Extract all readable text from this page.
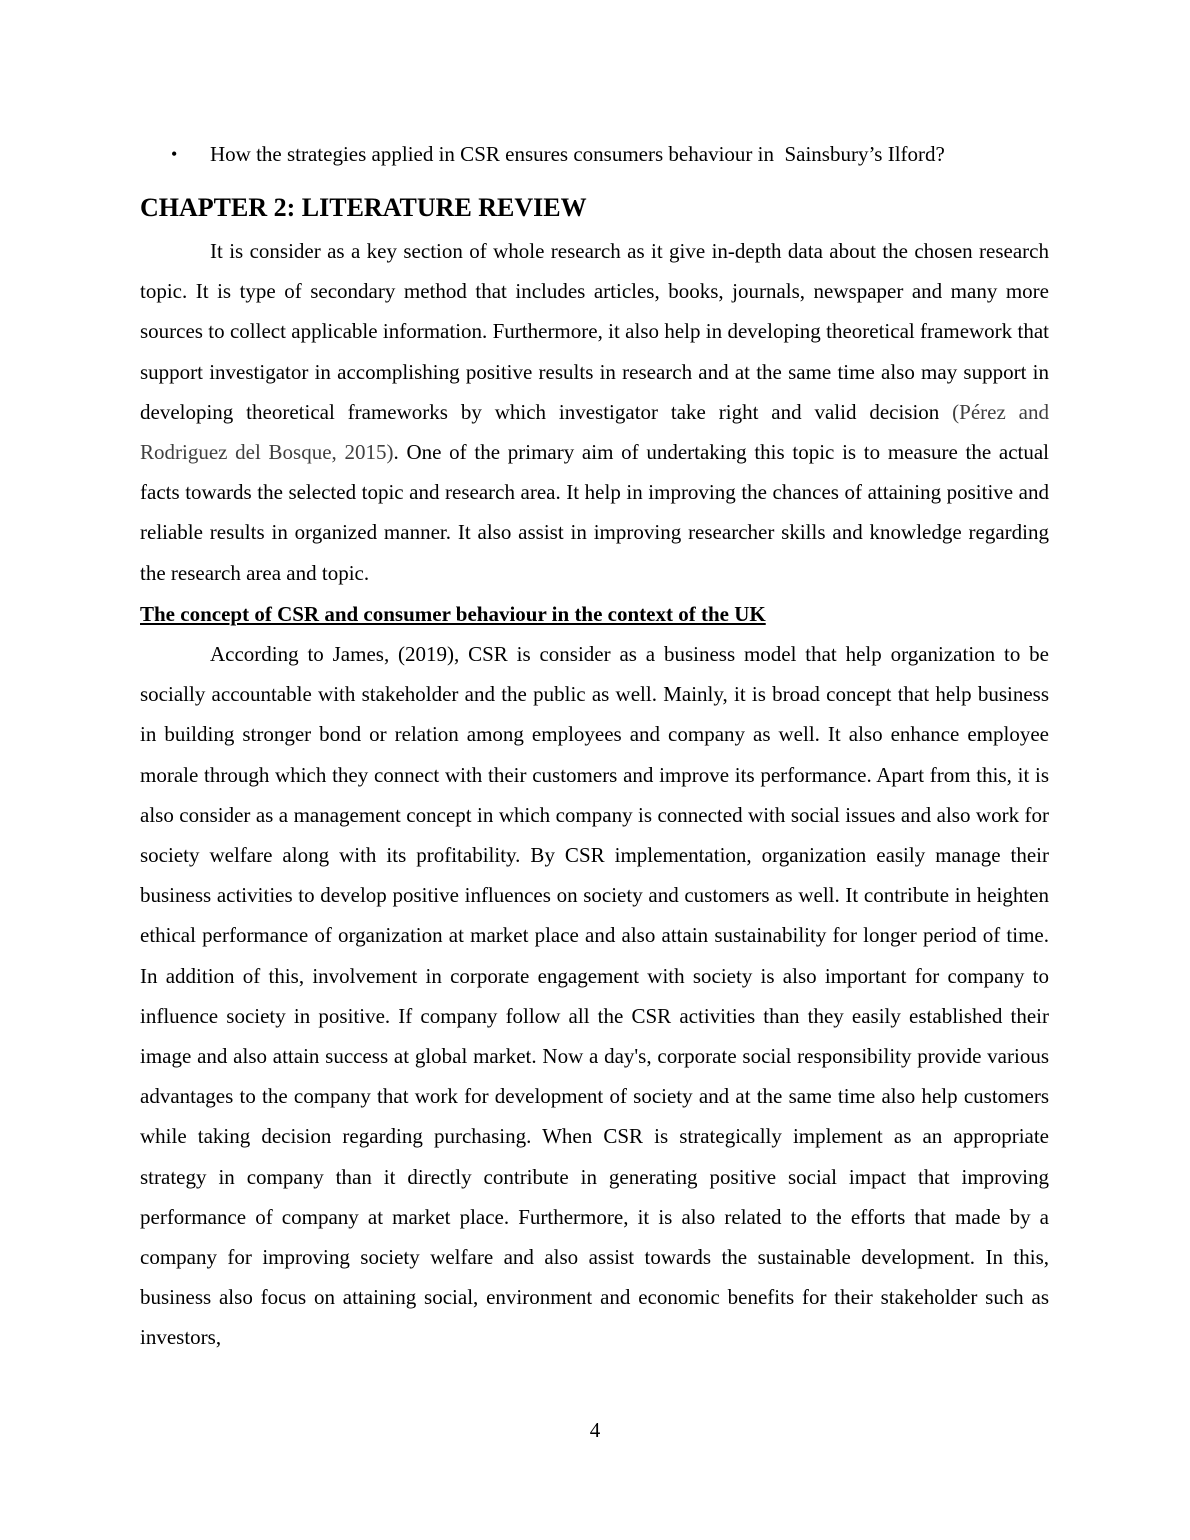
•	How the strategies applied in CSR ensures consumers behaviour in  Sainsbury’s Ilford?
CHAPTER 2: LITERATURE REVIEW

It is consider as a key section of whole research as it give in-depth data about the chosen research topic. It is type of secondary method that includes articles, books, journals, newspaper and many more sources to collect applicable information. Furthermore, it also help in developing theoretical framework that support investigator in accomplishing positive results in research and at the same time also may support in developing theoretical frameworks by which investigator take right and valid decision (Pérez and Rodriguez del Bosque, 2015). One of the primary aim of undertaking this topic is to measure the actual facts towards the selected topic and research area. It help in improving the chances of attaining positive and reliable results in organized manner. It also assist in improving researcher skills and knowledge regarding the research area and topic.

The concept of CSR and consumer behaviour in the context of the UK

According to James, (2019), CSR is consider as a business model that help organization to be socially accountable with stakeholder and the public as well. Mainly, it is broad concept that help business in building stronger bond or relation among employees and company as well. It also enhance employee morale through which they connect with their customers and improve its performance. Apart from this, it is also consider as a management concept in which company is connected with social issues and also work for society welfare along with its profitability. By CSR implementation, organization easily manage their business activities to develop positive influences on society and customers as well. It contribute in heighten ethical performance of organization at market place and also attain sustainability for longer period of time. In addition of this, involvement in corporate engagement with society is also important for company to influence society in positive. If company follow all the CSR activities than they easily established their image and also attain success at global market. Now a day's, corporate social responsibility provide various advantages to the company that work for development of society and at the same time also help customers while taking decision regarding purchasing. When CSR is strategically implement as an appropriate strategy in company than it directly contribute in generating positive social impact that improving performance of company at market place. Furthermore, it is also related to the efforts that made by a company for improving society welfare and also assist towards the sustainable development. In this, business also focus on attaining social, environment and economic benefits for their stakeholder such as investors,

4
